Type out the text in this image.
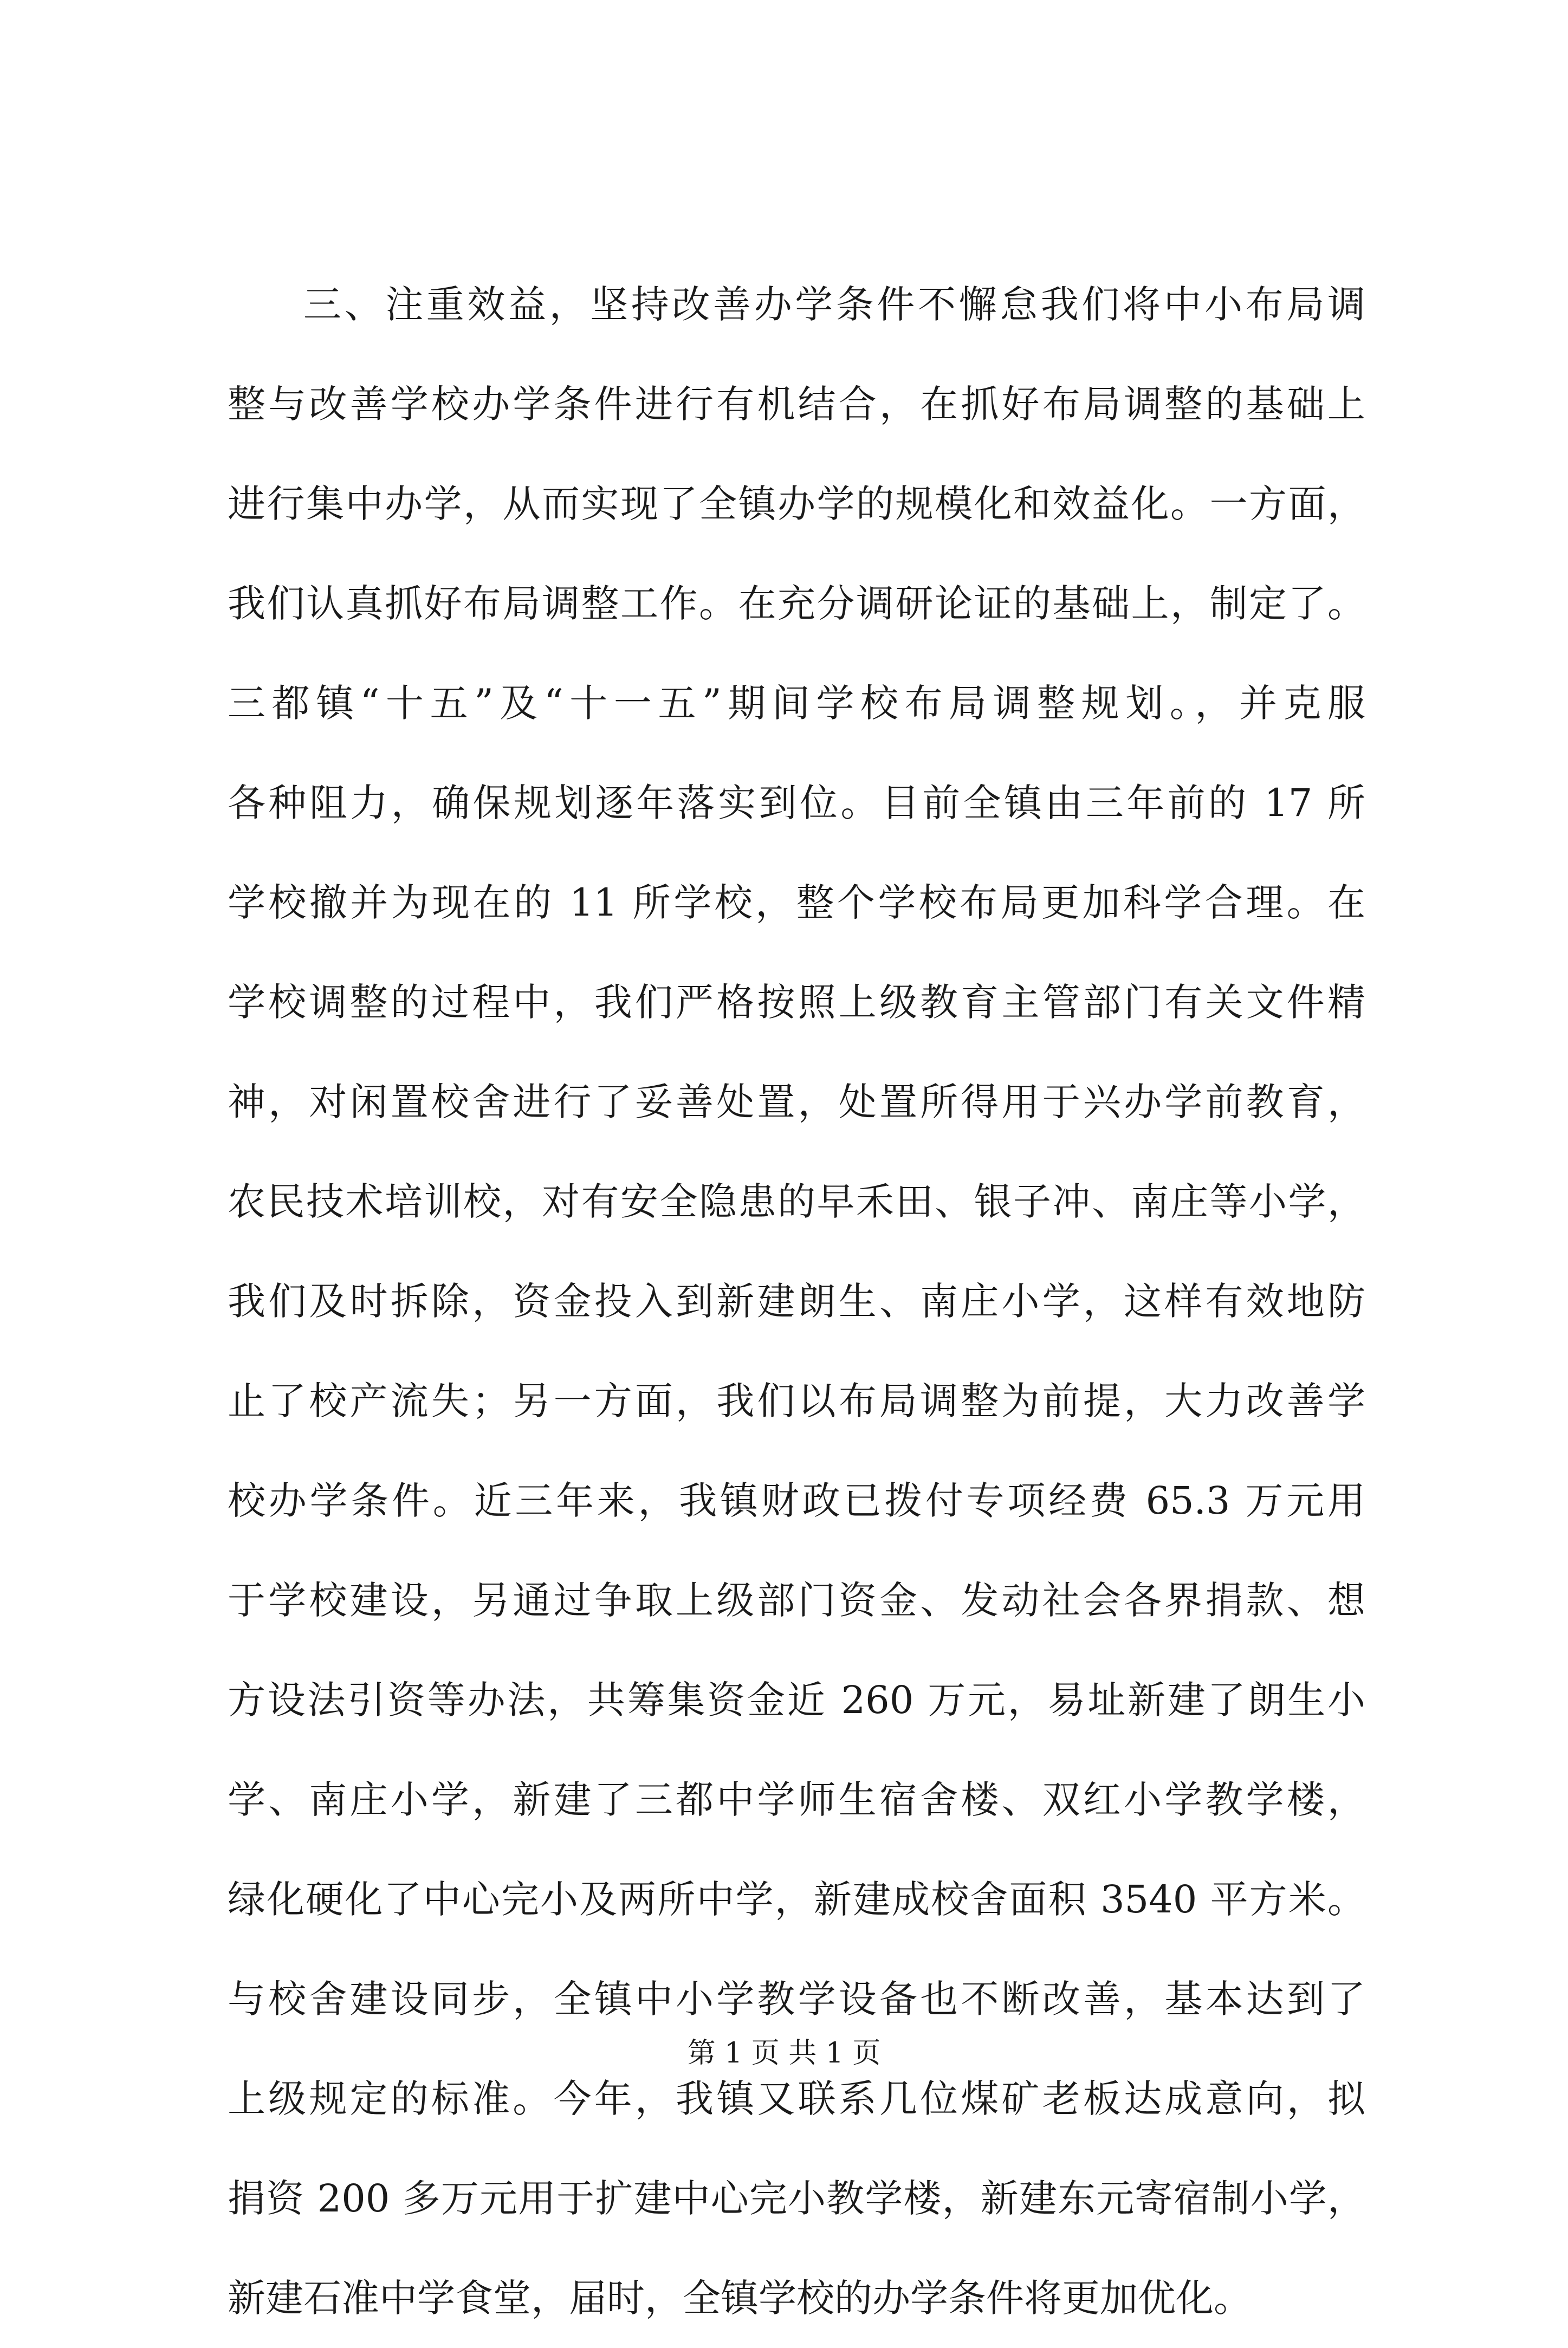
三、注重效益，坚持改善办学条件不懈怠我们将中小布局调
整与改善学校办学条件进行有机结合，在抓好布局调整的基础上
进行集中办学，从而实现了全镇办学的规模化和效益化。一方面，
我们认真抓好布局调整工作。在充分调研论证的基础上，制定了。
三都镇“十五”及“十一五”期间学校布局调整规划。，并克服
各种阻力，确保规划逐年落实到位。目前全镇由三年前的 17 所
学校撤并为现在的 11 所学校，整个学校布局更加科学合理。在
学校调整的过程中，我们严格按照上级教育主管部门有关文件精
神，对闲置校舍进行了妥善处置，处置所得用于兴办学前教育，
农民技术培训校，对有安全隐患的早禾田、银子冲、南庄等小学，
我们及时拆除，资金投入到新建朗生、南庄小学，这样有效地防
止了校产流失；另一方面，我们以布局调整为前提，大力改善学
校办学条件。近三年来，我镇财政已拨付专项经费 65.3 万元用
于学校建设，另通过争取上级部门资金、发动社会各界捐款、想
方设法引资等办法，共筹集资金近 260 万元，易址新建了朗生小
学、南庄小学，新建了三都中学师生宿舍楼、双红小学教学楼，
绿化硬化了中心完小及两所中学，新建成校舍面积 3540 平方米。
与校舍建设同步，全镇中小学教学设备也不断改善，基本达到了
上级规定的标准。今年，我镇又联系几位煤矿老板达成意向，拟
捐资 200 多万元用于扩建中心完小教学楼，新建东元寄宿制小学，
新建石准中学食堂，届时，全镇学校的办学条件将更加优化。
第 1 页 共 1 页
